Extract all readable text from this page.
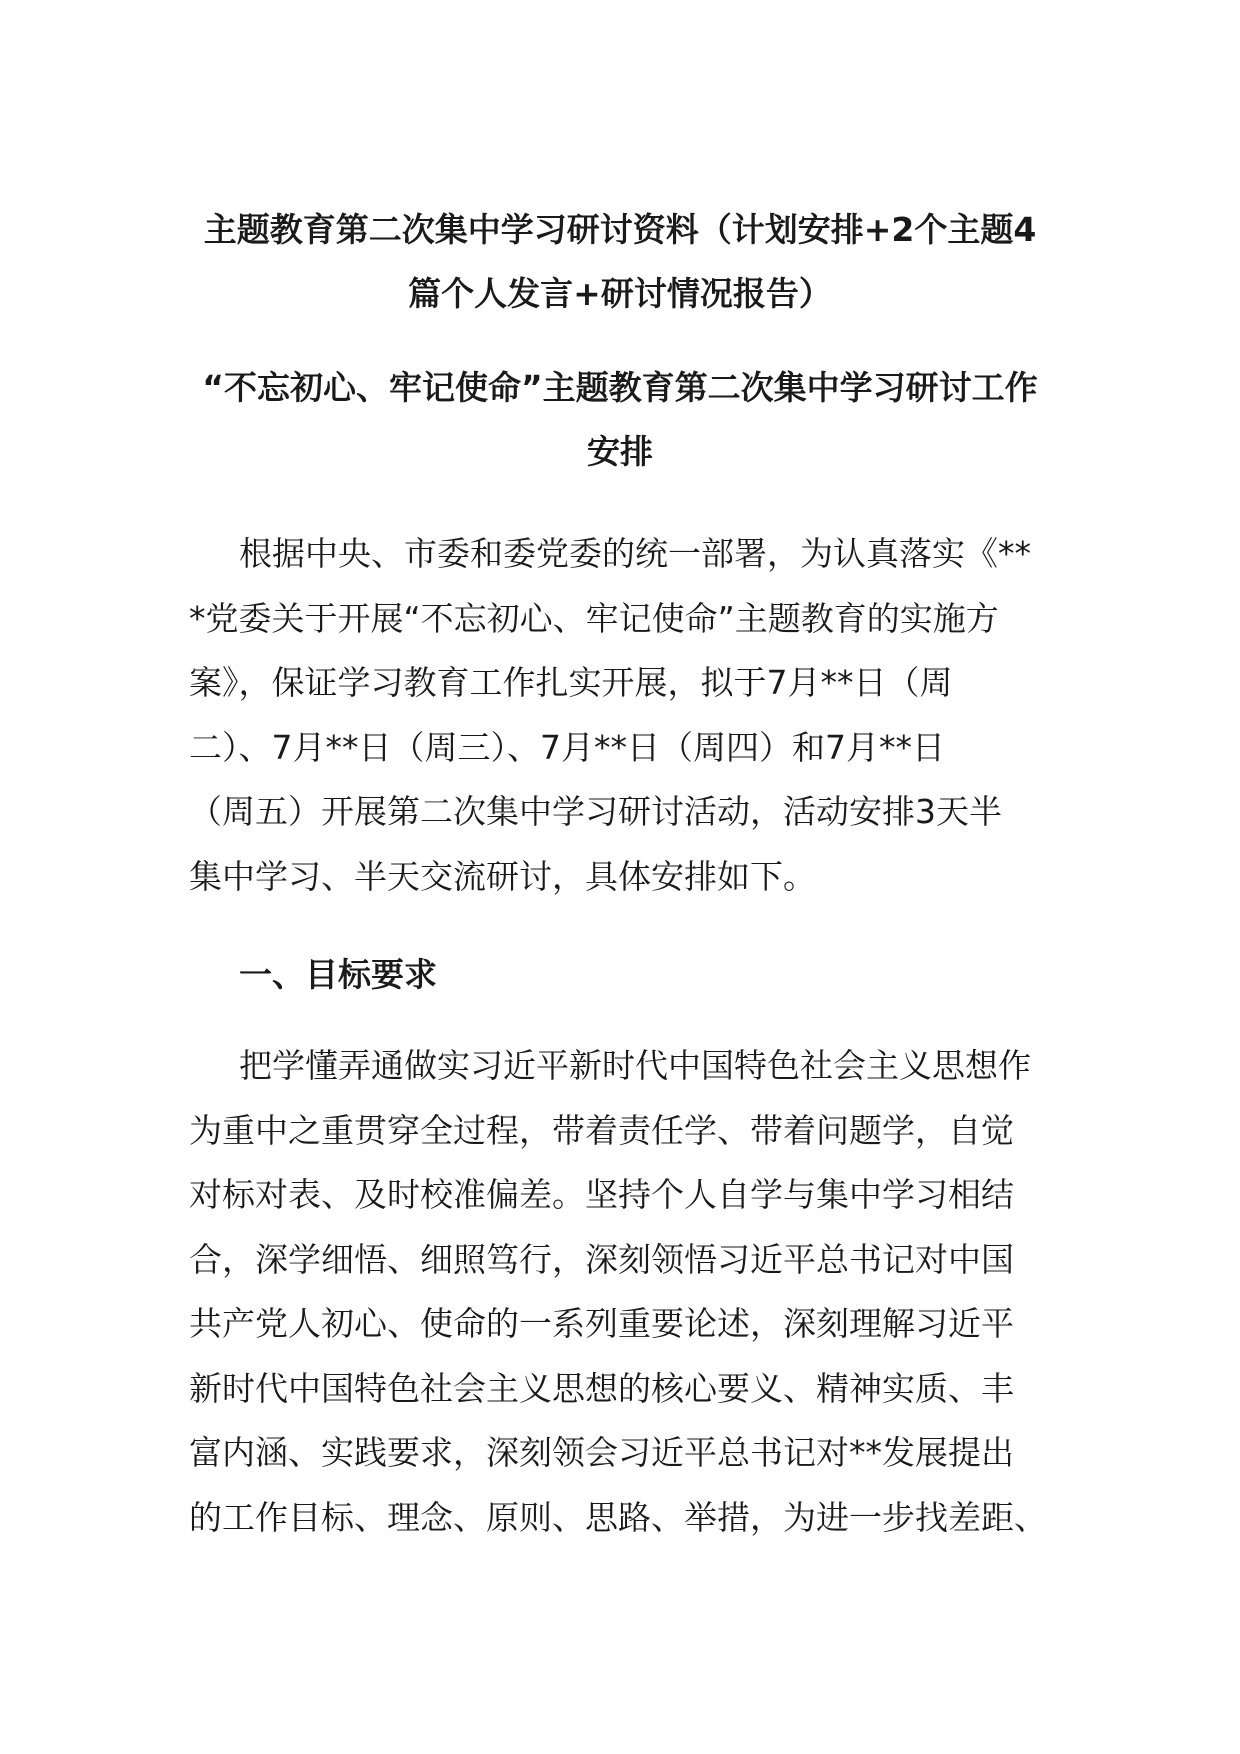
主题教育第二次集中学习研讨资料（计划安排+2个主题4
篇个人发言+研讨情况报告）
“不忘初心、牢记使命”主题教育第二次集中学习研讨工作
安排

根据中央、市委和委党委的统一部署，为认真落实《**
*党委关于开展“不忘初心、牢记使命”主题教育的实施方
案》，保证学习教育工作扎实开展，拟于7月**日（周
二）、7月**日（周三）、7月**日（周四）和7月**日
（周五）开展第二次集中学习研讨活动，活动安排3天半
集中学习、半天交流研讨，具体安排如下。

一、目标要求

把学懂弄通做实习近平新时代中国特色社会主义思想作
为重中之重贯穿全过程，带着责任学、带着问题学，自觉
对标对表、及时校准偏差。坚持个人自学与集中学习相结
合，深学细悟、细照笃行，深刻领悟习近平总书记对中国
共产党人初心、使命的一系列重要论述，深刻理解习近平
新时代中国特色社会主义思想的核心要义、精神实质、丰
富内涵、实践要求，深刻领会习近平总书记对**发展提出
的工作目标、理念、原则、思路、举措，为进一步找差距、
